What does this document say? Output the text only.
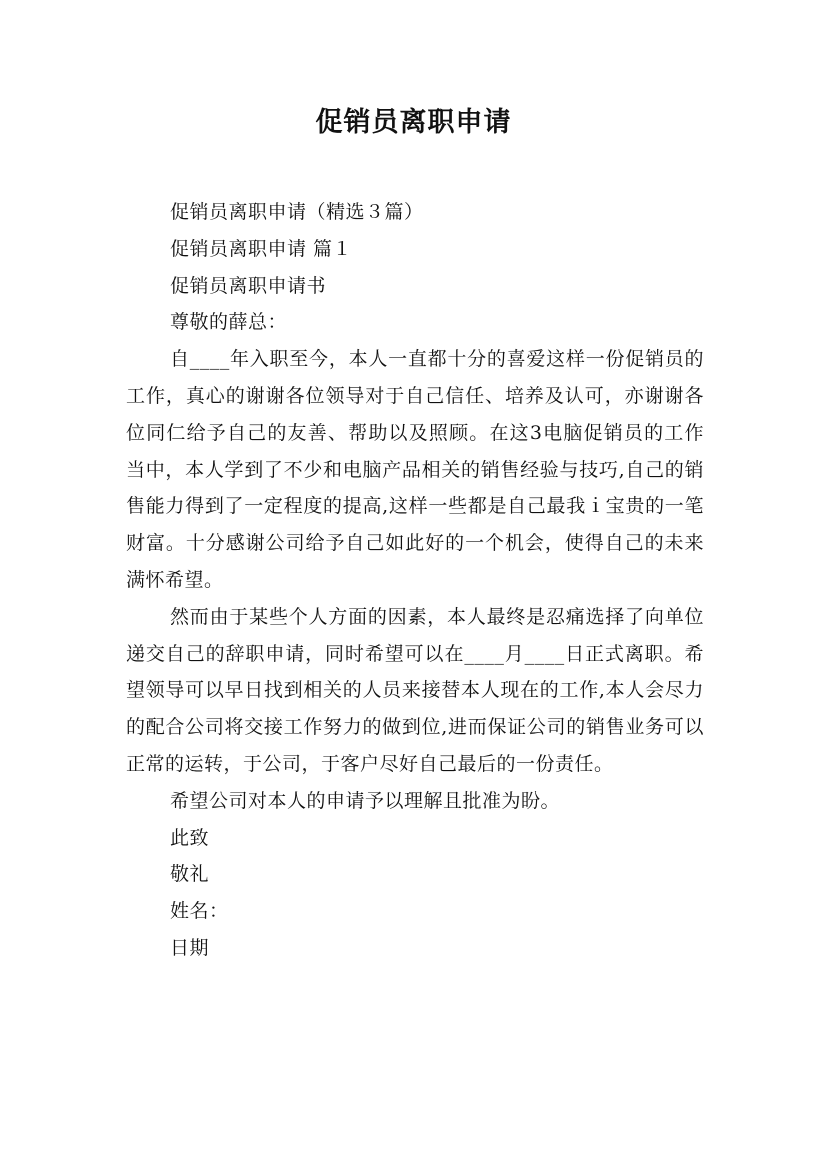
促销员离职申请
促销员离职申请（精选３篇）
促销员离职申请 篇１
促销员离职申请书
尊敬的薛总：
自____年入职至今，本人一直都十分的喜爱这样一份促销员的工作，真心的谢谢各位领导对于自己信任、培养及认可，亦谢谢各位同仁给予自己的友善、帮助以及照顾。在这3电脑促销员的工作当中，本人学到了不少和电脑产品相关的销售经验与技巧,自己的销售能力得到了一定程度的提高,这样一些都是自己最我ｉ宝贵的一笔财富。十分感谢公司给予自己如此好的一个机会，使得自己的未来满怀希望。
然而由于某些个人方面的因素，本人最终是忍痛选择了向单位递交自己的辞职申请，同时希望可以在____月____日正式离职。希望领导可以早日找到相关的人员来接替本人现在的工作,本人会尽力的配合公司将交接工作努力的做到位,进而保证公司的销售业务可以正常的运转，于公司，于客户尽好自己最后的一份责任。
希望公司对本人的申请予以理解且批准为盼。
此致
敬礼
姓名：
日期
